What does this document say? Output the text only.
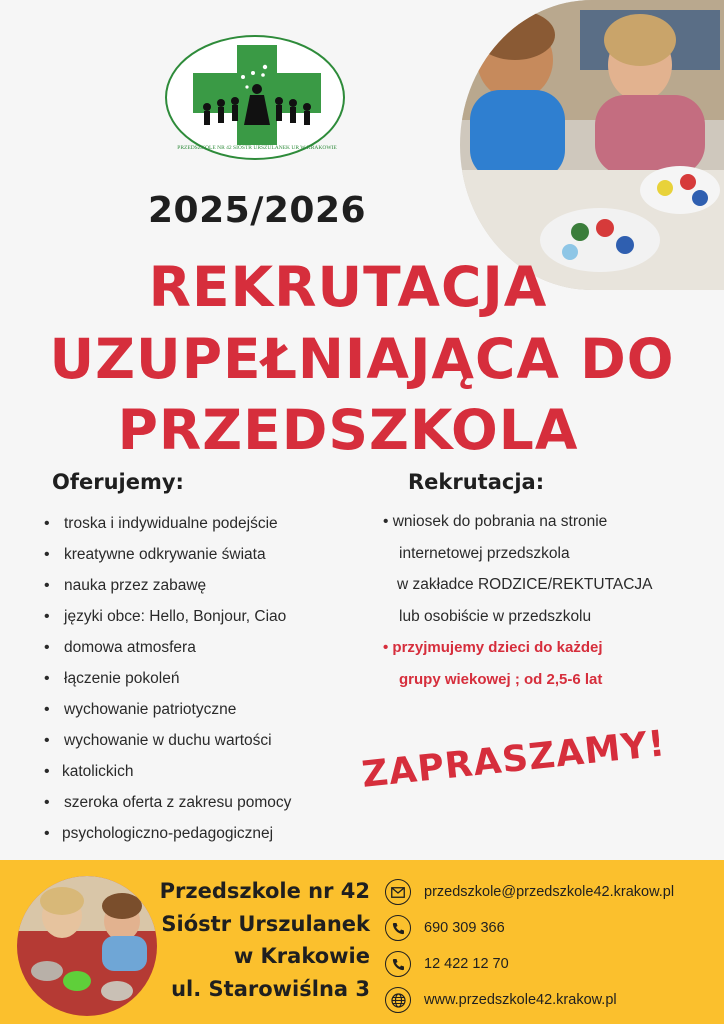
PRZEDSZKOLE NR 42 SIÓSTR URSZULANEK UR W KRAKOWIE
2025/2026
REKRUTACJA
UZUPEŁNIAJĄCA DO
PRZEDSZKOLA
Oferujemy:	Rekrutacja:
• troska i indywidualne podejście
• kreatywne odkrywanie świata
• nauka przez zabawę
• języki obce: Hello, Bonjour, Ciao
• domowa atmosfera
• łączenie pokoleń
• wychowanie patriotyczne
• wychowanie w duchu wartości
• katolickich
• szeroka oferta z zakresu pomocy
• psychologiczno-pedagogicznej
• wniosek do pobrania na stronie
internetowej przedszkola
w zakładce RODZICE/REKTUTACJA
lub osobiście w przedszkolu
• przyjmujemy dzieci do każdej
grupy wiekowej ; od 2,5-6 lat
ZAPRASZAMY!
Przedszkole nr 42
Sióstr Urszulanek
w Krakowie
ul. Starowiślna 3
przedszkole@przedszkole42.krakow.pl
690 309 366
12 422 12 70
www.przedszkole42.krakow.pl
